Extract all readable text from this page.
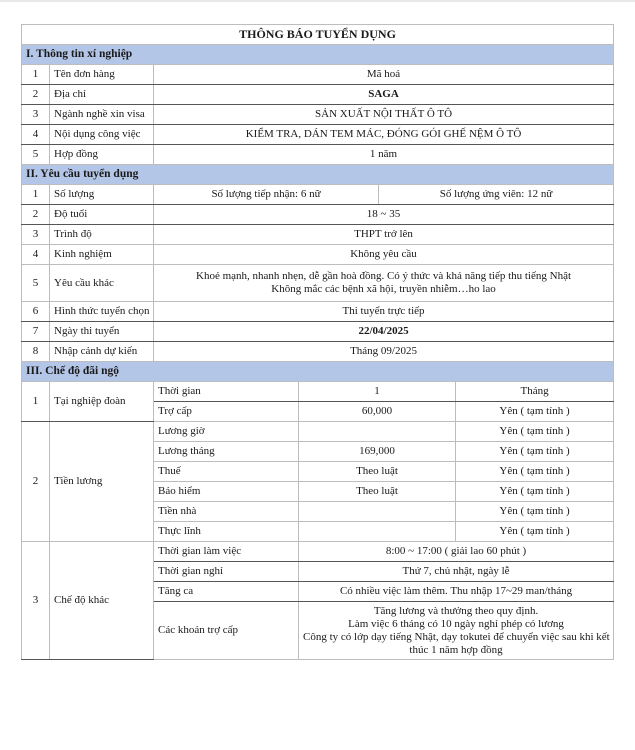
THÔNG BÁO TUYỂN DỤNG					
I. Thông tin xí nghiệp					
1	Tên đơn hàng	Mã hoá			
2	Địa chỉ	SAGA			
3	Ngành nghề xin visa	SẢN XUẤT NỘI THẤT Ô TÔ			
4	Nội dụng công việc	KIỂM TRA, DÁN TEM MÁC, ĐÓNG GÓI GHẾ NỆM Ô TÔ			
5	Hợp đồng	1 năm			
II. Yêu cầu tuyển dụng					
1	Số lượng	Số lượng tiếp nhận: 6 nữ		Số lượng ứng viên: 12 nữ	
2	Độ tuổi	18 ~ 35			
3	Trình độ	THPT trở lên			
4	Kinh nghiệm	Không yêu cầu			
5	Yêu cầu khác	Khoẻ mạnh, nhanh nhẹn, dễ gần hoà đồng. Có ý thức và khả năng tiếp thu tiếng Nhật
Không mắc các bệnh xã hội, truyền nhiễm…ho lao			

6	Hình thức tuyển chọn	Thi tuyển trực tiếp			
7	Ngày thi tuyển	22/04/2025			
8	Nhập cảnh dự kiến	Tháng 09/2025			
III. Chế độ đãi ngộ					
1	Tại nghiệp đoàn	Thời gian	1		Tháng
		Trợ cấp	60,000		Yên ( tạm tính )
2	Tiền lương	Lương giờ			Yên ( tạm tính )
		Lương tháng	169,000		Yên ( tạm tính )
		Thuế	Theo luật		Yên ( tạm tính )
		Bảo hiểm	Theo luật		Yên ( tạm tính )
		Tiền nhà			Yên ( tạm tính )
		Thực lĩnh			Yên ( tạm tính )
3	Chế độ khác	Thời gian làm việc	8:00 ~ 17:00 ( giải lao 60 phút )		
		Thời gian nghỉ	Thứ 7, chủ nhật, ngày lễ		
		Tăng ca	Có nhiều việc làm thêm. Thu nhập 17~29 man/tháng		
		Các khoản trợ cấp	Tăng lương và thưởng theo quy định.
Làm việc 6 tháng có 10 ngày nghỉ phép có lương
Công ty có lớp dạy tiếng Nhật, dạy tokutei để chuyển việc sau khi kết
thúc 1 năm hợp đồng		
